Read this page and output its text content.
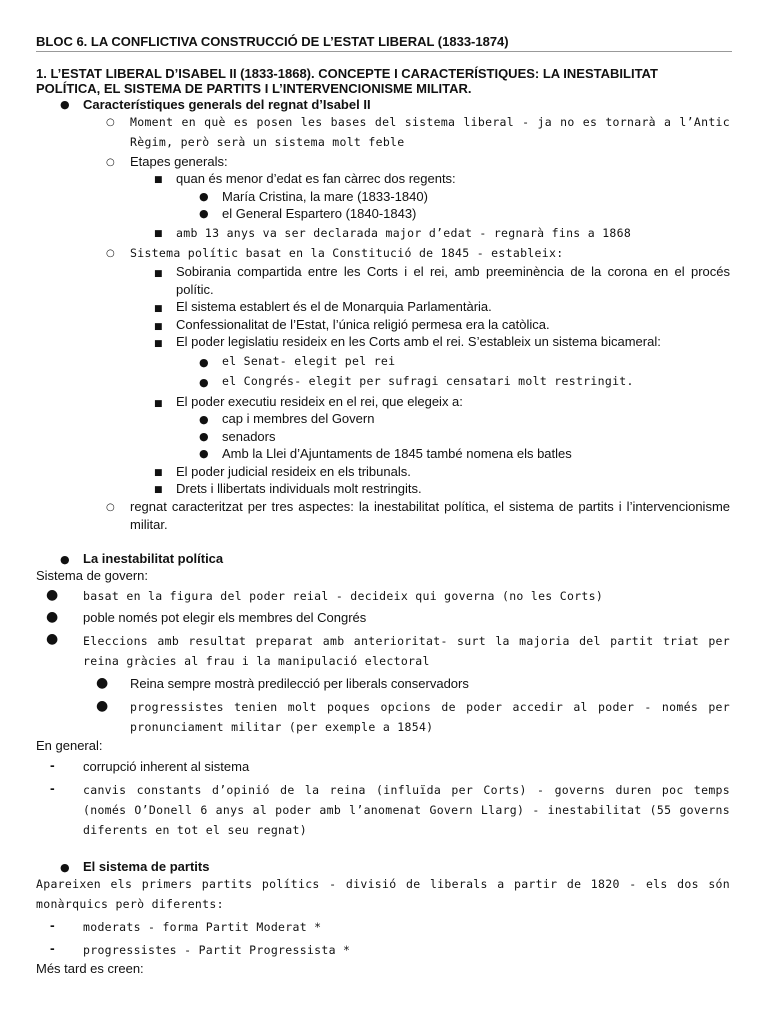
BLOC 6. LA CONFLICTIVA CONSTRUCCIÓ DE L’ESTAT LIBERAL (1833-1874)
1. L’ESTAT LIBERAL D’ISABEL II (1833-1868). CONCEPTE I CARACTERÍSTIQUES: LA INESTABILITAT POLÍTICA, EL SISTEMA DE PARTITS I L’INTERVENCIONISME MILITAR.
● Característiques generals del regnat d’Isabel II
○ Moment en què es posen les bases del sistema liberal - ja no es tornarà a l’Antic Règim, però serà un sistema molt feble
○ Etapes generals:
■ quan és menor d’edat es fan càrrec dos regents:
● María Cristina, la mare (1833-1840)
● el General Espartero (1840-1843)
■ amb 13 anys va ser declarada major d’edat - regnarà fins a 1868
○ Sistema polític basat en la Constitució de 1845 - estableix:
■ Sobirania compartida entre les Corts i el rei, amb preeminència de la corona en el procés polític.
■ El sistema establert és el de Monarquia Parlamentària.
■ Confessionalitat de l’Estat, l’única religió permesa era la catòlica.
■ El poder legislatiu resideix en les Corts amb el rei. S’estableix un sistema bicameral:
● el Senat- elegit pel rei
● el Congrés- elegit per sufragi censatari molt restringit.
■ El poder executiu resideix en el rei, que elegeix a:
● cap i membres del Govern
● senadors
● Amb la Llei d’Ajuntaments de 1845 també nomena els batles
■ El poder judicial resideix en els tribunals.
■ Drets i llibertats individuals molt restringits.
○ regnat caracteritzat per tres aspectes: la inestabilitat política, el sistema de partits i l’intervencionisme militar.
● La inestabilitat política
Sistema de govern:
● basat en la figura del poder reial - decideix qui governa (no les Corts)
● poble només pot elegir els membres del Congrés
● Eleccions amb resultat preparat amb anterioritat- surt la majoria del partit triat per reina gràcies al frau i la manipulació electoral
● Reina sempre mostrà predilecció per liberals conservadors
● progressistes tenien molt poques opcions de poder accedir al poder - només per pronunciament militar (per exemple a 1854)
En general:
- corrupció inherent al sistema
- canvis constants d’opinió de la reina (influïda per Corts) - governs duren poc temps (només O’Donell 6 anys al poder amb l’anomenat Govern Llarg) - inestabilitat (55 governs diferents en tot el seu regnat)
● El sistema de partits
Apareixen els primers partits polítics - divisió de liberals a partir de 1820 - els dos són monàrquics però diferents:
- moderats - forma Partit Moderat *
- progressistes - Partit Progressista *
Més tard es creen:
